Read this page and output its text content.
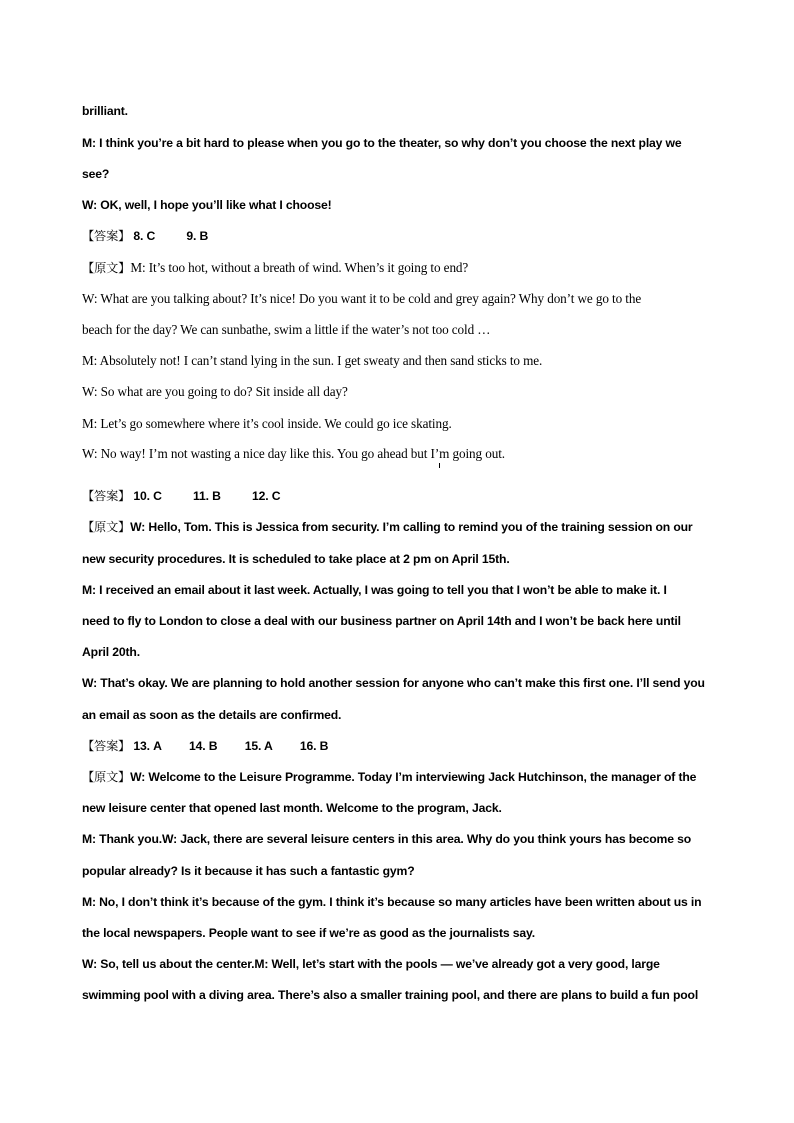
brilliant.
M: I think you’re a bit hard to please when you go to the theater, so why don’t you choose the next play we
see?
W: OK, well, I hope you’ll like what I choose!
【答案】 8. C	9. B
【原文】M: It’s too hot, without a breath of wind. When’s it going to end?
W: What are you talking about? It’s nice! Do you want it to be cold and grey again? Why don’t we go to the
beach for the day? We can sunbathe, swim a little if the water’s not too cold …
M: Absolutely not! I can’t stand lying in the sun. I get sweaty and then sand sticks to me.
W: So what are you going to do? Sit inside all day?
M: Let’s go somewhere where it’s cool inside. We could go ice skating.
W: No way! I’m not wasting a nice day like this. You go ahead but I’m going out.
【答案】 10. C	11. B	12. C
【原文】W: Hello, Tom. This is Jessica from security. I’m calling to remind you of the training session on our
new security procedures. It is scheduled to take place at 2 pm on April 15th.
M: I received an email about it last week. Actually, I was going to tell you that I won’t be able to make it. I
need to fly to London to close a deal with our business partner on April 14th and I won’t be back here until
April 20th.
W: That’s okay. We are planning to hold another session for anyone who can’t make this first one. I’ll send you
an email as soon as the details are confirmed.
【答案】 13. A 14. B 15. A 16. B
【原文】W: Welcome to the Leisure Programme. Today I’m interviewing Jack Hutchinson, the manager of the
new leisure center that opened last month. Welcome to the program, Jack.
M: Thank you.W: Jack, there are several leisure centers in this area. Why do you think yours has become so
popular already? Is it because it has such a fantastic gym?
M: No, I don’t think it’s because of the gym. I think it’s because so many articles have been written about us in
the local newspapers. People want to see if we’re as good as the journalists say.
W: So, tell us about the center.M: Well, let’s start with the pools — we’ve already got a very good, large
swimming pool with a diving area. There’s also a smaller training pool, and there are plans to build a fun pool
